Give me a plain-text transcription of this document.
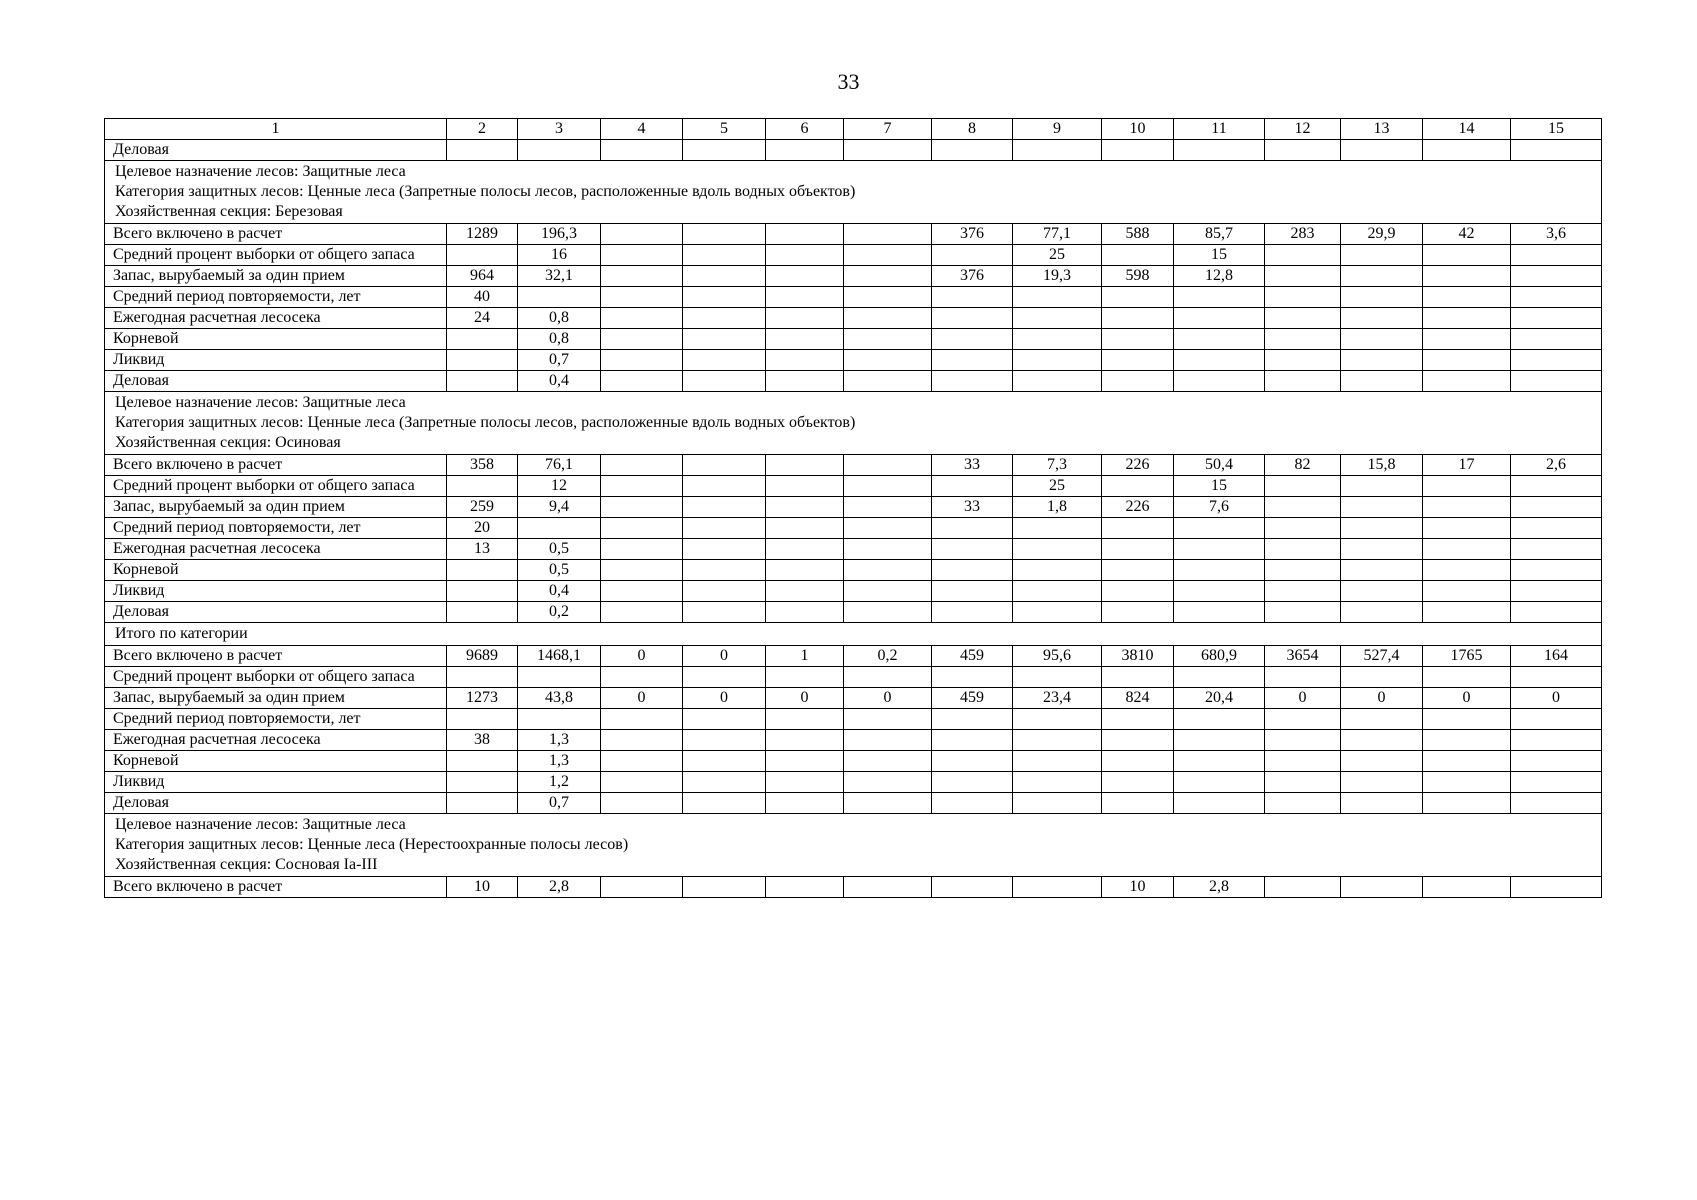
33
1	2	3	4	5	6	7	8	9	10	11	12	13	14	15
Деловая														

Целевое назначение лесов: Защитные леса
Категория защитных лесов: Ценные леса (Запретные полосы лесов, расположенные вдоль водных объектов)
Хозяйственная секция: Березовая														

Всего включено в расчет	1289	196,3					376	77,1	588	85,7	283	29,9	42	3,6
Средний процент выборки от общего запаса		16						25		15				
Запас, вырубаемый за один прием	964	32,1					376	19,3	598	12,8				
Средний период повторяемости, лет	40													
Ежегодная расчетная лесосека	24	0,8												
Корневой		0,8												
Ликвид		0,7												
Деловая		0,4												

Целевое назначение лесов: Защитные леса
Категория защитных лесов: Ценные леса (Запретные полосы лесов, расположенные вдоль водных объектов)
Хозяйственная секция: Осиновая														

Всего включено в расчет	358	76,1					33	7,3	226	50,4	82	15,8	17	2,6
Средний процент выборки от общего запаса		12						25		15				
Запас, вырубаемый за один прием	259	9,4					33	1,8	226	7,6				
Средний период повторяемости, лет	20													
Ежегодная расчетная лесосека	13	0,5												
Корневой		0,5												
Ликвид		0,4												
Деловая		0,2												

Итого по категории														

Всего включено в расчет	9689	1468,1	0	0	1	0,2	459	95,6	3810	680,9	3654	527,4	1765	164
Средний процент выборки от общего запаса														
Запас, вырубаемый за один прием	1273	43,8	0	0	0	0	459	23,4	824	20,4	0	0	0	0
Средний период повторяемости, лет														
Ежегодная расчетная лесосека	38	1,3												
Корневой		1,3												
Ликвид		1,2												
Деловая		0,7												

Целевое назначение лесов: Защитные леса
Категория защитных лесов: Ценные леса (Нерестоохранные полосы лесов)
Хозяйственная секция: Сосновая Ia-III														

Всего включено в расчет	10	2,8							10	2,8				
